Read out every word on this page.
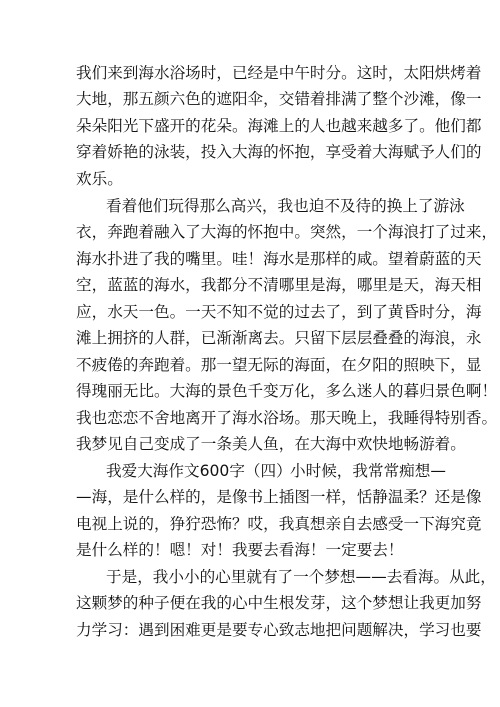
我们来到海水浴场时，已经是中午时分。这时，太阳烘烤着
大地，那五颜六色的遮阳伞，交错着排满了整个沙滩，像一
朵朵阳光下盛开的花朵。海滩上的人也越来越多了。他们都
穿着娇艳的泳装，投入大海的怀抱，享受着大海赋予人们的
欢乐。
看着他们玩得那么高兴，我也迫不及待的换上了游泳
衣，奔跑着融入了大海的怀抱中。突然，一个海浪打了过来，
海水扑进了我的嘴里。哇！海水是那样的咸。望着蔚蓝的天
空，蓝蓝的海水，我都分不清哪里是海，哪里是天，海天相
应，水天一色。一天不知不觉的过去了，到了黄昏时分，海
滩上拥挤的人群，已渐渐离去。只留下层层叠叠的海浪，永
不疲倦的奔跑着。那一望无际的海面，在夕阳的照映下，显
得瑰丽无比。大海的景色千变万化，多么迷人的暮归景色啊！
我也恋恋不舍地离开了海水浴场。那天晚上，我睡得特别香。
我梦见自己变成了一条美人鱼，在大海中欢快地畅游着。
我爱大海作文600字（四）
小时候，我常常痴想—
—海，是什么样的，是像书上插图一样，恬静温柔？还是像
电视上说的，狰狞恐怖？哎，我真想亲自去感受一下海究竟
是什么样的！嗯！对！我要去看海！一定要去！
于是，我小小的心里就有了一个梦想——去看海。从此，
这颗梦的种子便在我的心中生根发芽，这个梦想让我更加努
力学习：遇到困难更是要专心致志地把问题解决，学习也要
